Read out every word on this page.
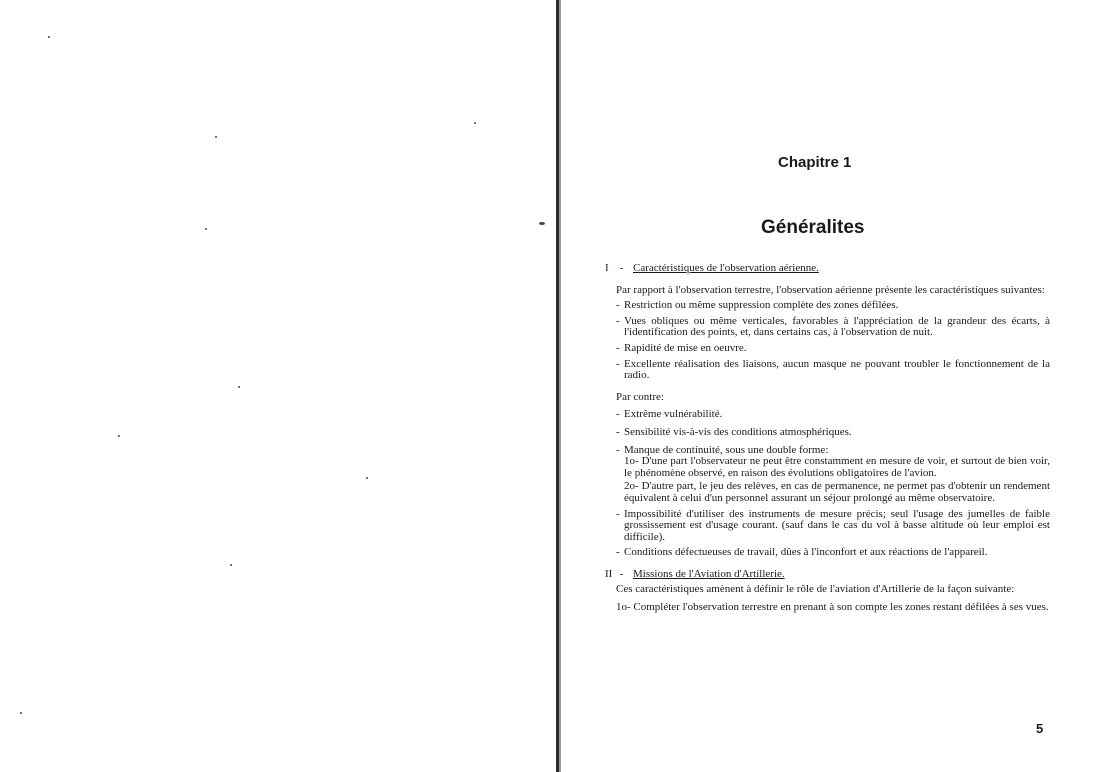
Chapitre 1
Généralites
I - Caractéristiques de l'observation aérienne.
Par rapport à l'observation terrestre, l'observation aérienne présente les caractéristiques suivantes:
- Restriction ou même suppression complète des zones défilées.
- Vues obliques ou même verticales, favorables à l'appréciation de la grandeur des écarts, à l'identification des points, et, dans certains cas, à l'observation de nuit.
- Rapidité de mise en oeuvre.
- Excellente réalisation des liaisons, aucun masque ne pouvant troubler le fonctionnement de la radio.
Par contre:
- Extrême vulnérabilité.
- Sensibilité vis-à-vis des conditions atmosphériques.
- Manque de continuité, sous une double forme:
1o- D'une part l'observateur ne peut être constamment en mesure de voir, et surtout de bien voir, le phénomène observé, en raison des évolutions obligatoires de l'avion.
2o- D'autre part, le jeu des relèves, en cas de permanence, ne permet pas d'obtenir un rendement équivalent à celui d'un personnel assurant un séjour prolongé au même observatoire.
- Impossibilité d'utiliser des instruments de mesure précis; seul l'usage des jumelles de faible grossissement est d'usage courant. (sauf dans le cas du vol à basse altitude où leur emploi est difficile).
- Conditions défectueuses de travail, dûes à l'inconfort et aux réactions de l'appareil.
II - Missions de l'Aviation d'Artillerie.
Ces caractéristiques amènent à définir le rôle de l'aviation d'Artillerie de la façon suivante:
1o- Compléter l'observation terrestre en prenant à son compte les zones restant défilées à ses vues.
5
